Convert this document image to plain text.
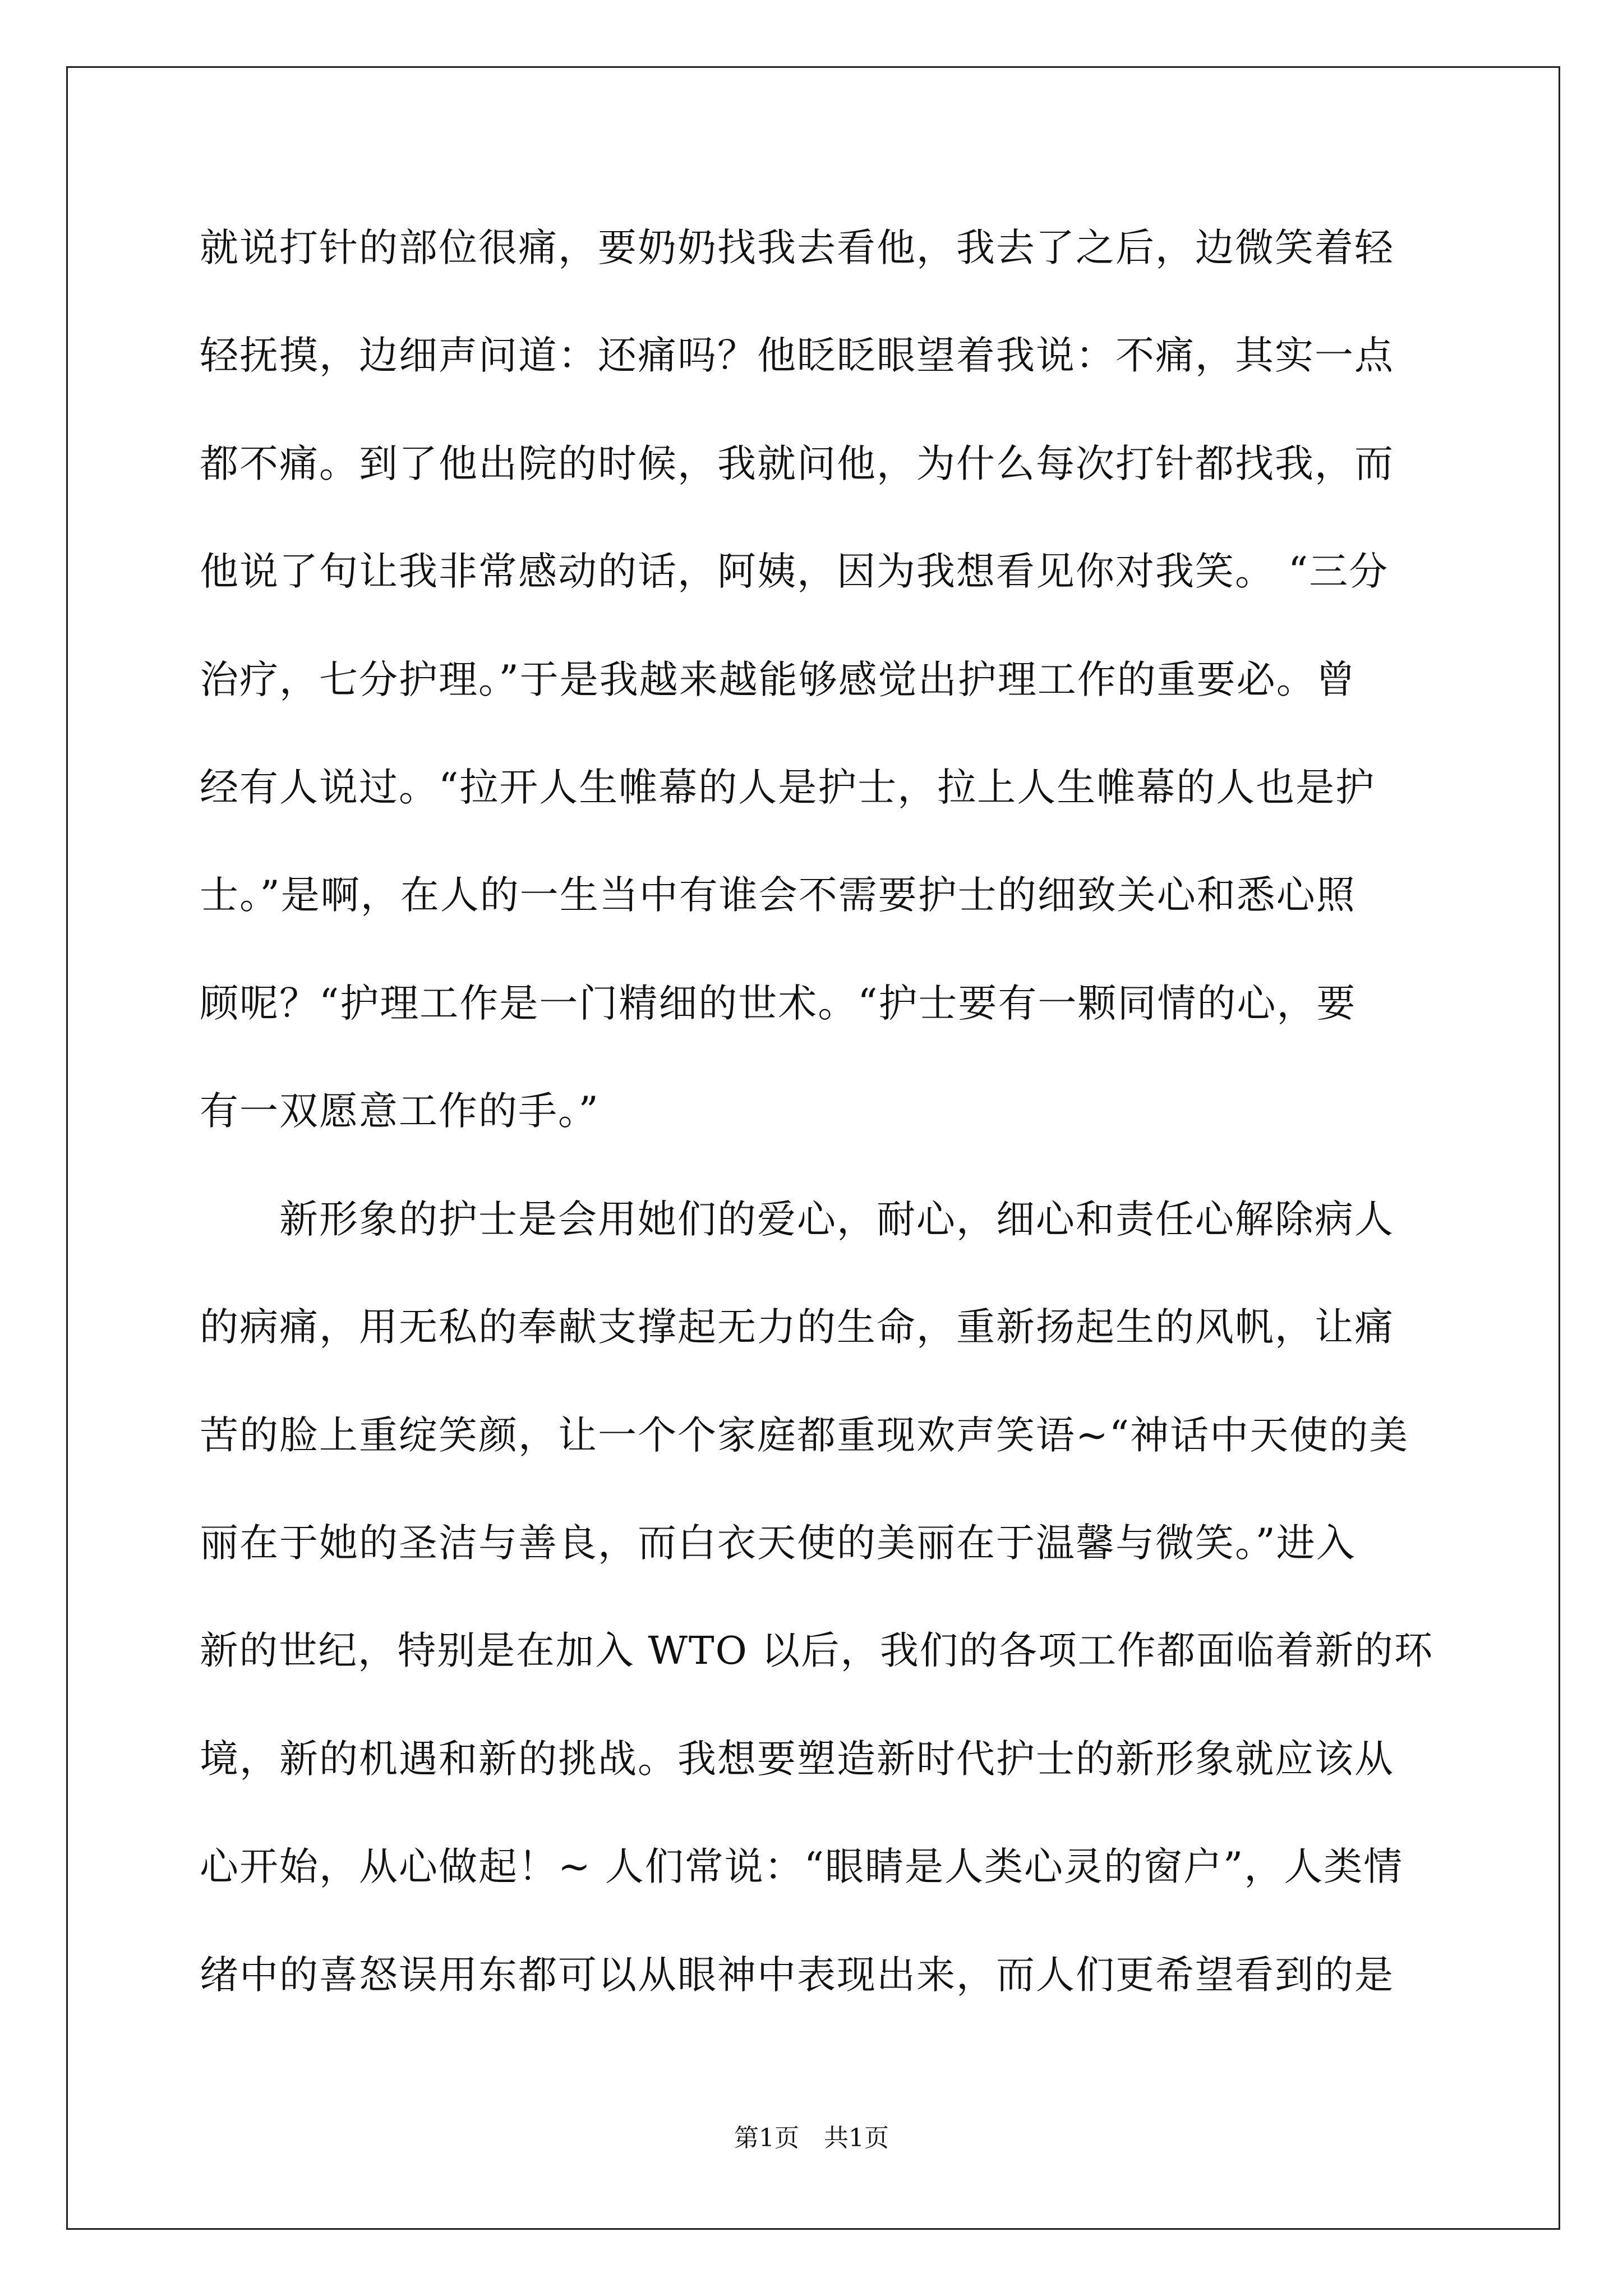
就说打针的部位很痛，要奶奶找我去看他，我去了之后，边微笑着轻
轻抚摸，边细声问道：还痛吗？他眨眨眼望着我说：不痛，其实一点
都不痛。到了他出院的时候，我就问他，为什么每次打针都找我，而
他说了句让我非常感动的话，阿姨，因为我想看见你对我笑。 “三分
治疗，七分护理。”于是我越来越能够感觉出护理工作的重要必。曾
经有人说过。“拉开人生帷幕的人是护士，拉上人生帷幕的人也是护
士。”是啊，在人的一生当中有谁会不需要护士的细致关心和悉心照
顾呢？“护理工作是一门精细的世术。“护士要有一颗同情的心，要
有一双愿意工作的手。”
　　新形象的护士是会用她们的爱心，耐心，细心和责任心解除病人
的病痛，用无私的奉献支撑起无力的生命，重新扬起生的风帆，让痛
苦的脸上重绽笑颜，让一个个家庭都重现欢声笑语~“神话中天使的美
丽在于她的圣洁与善良，而白衣天使的美丽在于温馨与微笑。”进入
新的世纪，特别是在加入 WTO 以后，我们的各项工作都面临着新的环
境，新的机遇和新的挑战。我想要塑造新时代护士的新形象就应该从
心开始，从心做起！~ 人们常说：“眼睛是人类心灵的窗户”，人类情
绪中的喜怒误用东都可以从眼神中表现出来，而人们更希望看到的是
第1页　共1页
